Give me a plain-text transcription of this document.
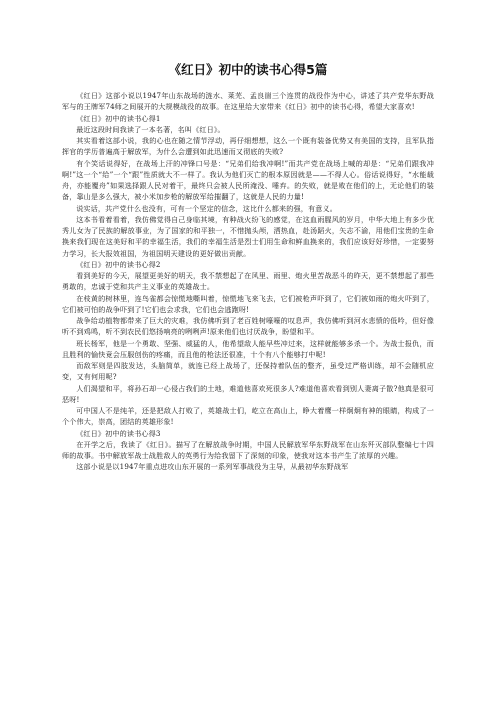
《红日》初中的读书心得5篇

《红日》这部小说以1947年山东战场的涟水、莱芜、孟良崮三个连贯的战役作为中心，讲述了共产党华东野战军与的王牌军74师之间展开的大规模战役的故事。在这里给大家带来《红日》初中的读书心得，希望大家喜欢!

《红日》初中的读书心得1

最近这段时间我读了一本名著，名叫《红日》。

其实看着这部小说，我的心也在随之情节浮动，再仔细想想，这么一个既有装备优势又有美国的支持，且军队指挥官的学历普遍高于解放军，为什么会遭到如此迅速而又彻底的失败?

有个笑话说得好，在战场上汗的冲锋口号是：“兄弟们给我冲啊!”而共产党在战场上喊的却是：“兄弟们跟我冲啊!”这一个“给”一个“跟”性质就大不一样了。我认为他们灭亡的根本原因就是——不得人心。俗话说得好，“水能载舟，亦能覆舟”如果选择跟人民对着干，最终只会被人民所淹没、唾弃。的失败，就是败在他们的上，无论他们的装备，靠山是多么强大，被小米加步枪的解放军给摧翻了，这就是人民的力量!

说实话，共产党什么也没有，可有一个坚定的信念，这比什么都来的强，有意义。

这本书看着看着，我仿佛觉得自己身临其境，有种战火纷飞的感觉，在这血雨腥风的岁月，中华大地上有多少优秀儿女为了民族的解放事业，为了国家的和平独一，不惜抛头颅，洒热血，赴汤蹈火，矢志不渝，用他们宝贵的生命换来我们现在这美好和平的幸福生活，我们的幸福生活是烈士们用生命和鲜血换来的，我们应该好好珍惜，一定要努力学习，长大报效祖国，为祖国明天建设的更好做出贡献。

《红日》初中的读书心得2

看到美好的今天，展望更美好的明天，我不禁想起了在风里、雨里、炮火里苦战恶斗的昨天，更不禁想起了那些勇敢的，忠诚于党和共产主义事业的英雄战士。

在枝黄的树林里，连鸟雀都会惊慌地嘶叫着，惊慌地飞来飞去，它们被枪声吓到了，它们被如雨的炮火吓到了，它们被可怕的战争吓到了!它们也会求我，它们也会逃跑呀!

战争给动植物都带来了巨大的灾难，我仿佛听到了老百姓树嚎嚎的叹息声，我仿佛听到河水悲愤的低吟，但好像听不到鸡鸣，听不到农民们悠扬响亮的咧咧声!原来他们也讨厌战争，盼望和平。

班长杨军，他是一个勇敢、坚强、威猛的人，他希望敌人能早些冲过来，这样就能够多杀一个。为战士报仇，而且胜利的愉快竟会压服创伤的疼痛，而且他的枪法还很准，十个有八个能够打中呢!

而敌军则是四肢发达，头脑简单，就连已经上战场了，还保持着队伍的整齐，虽受过严格训练，却不会随机应变，又有何用呢?

人们渴望和平，将孙石却一心侵占我们的土地，难道他喜欢死很多人?难道他喜欢看到别人妻离子散?他真是很可恶呀!

可中国人不是纯羊，还是把敌人打败了，英雄战士们，屹立在高山上，睁大着鹰一样炯炯有神的眼睛，构成了一个个伟大，崇高，团结的英雄形象!

《红日》初中的读书心得3

在开学之后，我读了《红日》。描写了在解放战争时期，中国人民解放军华东野战军在山东歼灭部队整编七十四师的故事。书中解放军战士战胜敌人的英勇行为给我留下了深刻的印象，使我对这本书产生了浓厚的兴趣。

这部小说是以1947年重点进攻山东开展的一系列军事战役为主导，从最初华东野战军
